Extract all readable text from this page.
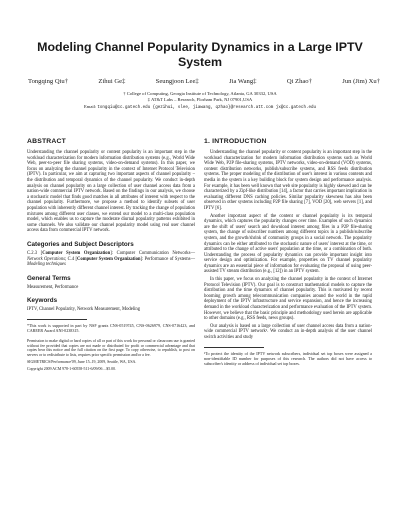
Modeling Channel Popularity Dynamics in a Large IPTV
System
Tongqing Qiu†	Zihui Ge‡	Seungjoon Lee‡	Jia Wang‡	Qi Zhao†	Jun (Jim) Xu†
† College of Computing, Georgia Institute of Technology, Atlanta, GA 30332, USA
‡ AT&T Labs – Research, Florham Park, NJ 07901,USA
Email: tongqiu@cc.gatech.edu {gezihui, slee, jiawang, qzhao}@research.att.com jx@cc.gatech.edu
ABSTRACT

Understanding the channel popularity or content popularity is an important step in the workload characterization for modern information distribution systems (e.g., World Wide Web, peer-to-peer file sharing systems, video-on-demand systems). In this paper, we focus on analyzing the channel popularity in the context of Internet Protocol Television (IPTV). In particular, we aim at capturing two important aspects of channel popularity – the distribution and temporal dynamics of the channel popularity. We conduct in-depth analysis on channel popularity on a large collection of user channel access data from a nation-wide commercial IPTV network. Based on the findings in our analysis, we choose a stochastic model that finds good matches in all attributes of interest with respect to the channel popularity. Furthermore, we propose a method to identify subsets of user population with inherently different channel interest. By tracking the change of population mixtures among different user classes, we extend our model to a multi-class population model, which enables us to capture the moderate diurnal popularity patterns exhibited in some channels. We also validate our channel popularity model using real user channel access data from commercial IPTV network.

Categories and Subject Descriptors

C.2.3 [Computer System Organization]: Computer Communication Networks—Network Operations; C.4 [Computer System Organization]: Performance of Systems—Modeling techniques

General Terms

Measurement, Performance

Keywords

IPTV, Channel Popularity, Network Measurement, Modeling

*This work is supported in part by NSF grants CNS-0519745, CNS-0626979, CNS-0716423, and CAREER Award ANI-0238315.

Permission to make digital or hard copies of all or part of this work for personal or classroom use is granted without fee provided that copies are not made or distributed for profit or commercial advantage and that copies bear this notice and the full citation on the first page. To copy otherwise, to republish, to post on servers or to redistribute to lists, requires prior specific permission and/or a fee.

SIGMETRICS/Performance'09, June 15–19, 2009, Seattle, WA, USA.

Copyright 2009 ACM 978-1-60558-511-6/09/06 ...$5.00.

1. INTRODUCTION

Understanding the channel popularity or content popularity is an important step in the workload characterization for modern information distribution systems such as World Wide Web, P2P file-sharing systems, IPTV networks, video-on-demand (VOD) systems, content distribution networks, publish/subscribe systems, and RSS feeds distribution systems. The proper modeling of the distribution of user's interest in various contents and media in the system is a key building block for system design and performance analysis. For example, it has been well known that web site popularity is highly skewed and can be characterized by a Zipf-like distribution [14], a factor that carries important implication in evaluating different DNS caching policies. Similar popularity skewness has also been observed in other systems including P2P file sharing [7], VOD [20], web servers [1], and IPTV [6].

Another important aspect of the content or channel popularity is its temporal dynamics, which captures the popularity changes over time. Examples of such dynamics are the shift of users' search and download interest among files in a P2P file-sharing system, the change of subscriber numbers among different topics in a publish/subscribe system, and the growth/shrink of community groups in a social network. The popularity dynamics can be either attributed to the stochastic nature of users' interest at the time, or attributed to the change of active users' population at the time, or a combination of both. Understanding the process of popularity dynamics can provide important insight into service design and optimization. For example, properties on TV channel popularity dynamics are an essential piece of information for evaluating the proposal of using peer-assisted TV stream distribution (e.g., [12]) in an IPTV system.

In this paper, we focus on analyzing the channel popularity in the context of Internet Protocol Television (IPTV). Our goal is to construct mathematical models to capture the distribution and the time dynamics of channel popularity. This is motivated by recent booming growth among telecommunication companies around the world in the rapid deployment of the IPTV infrastructure and service expansion, and hence the increasing demand in the workload characterization and performance evaluation of the IPTV system. However, we believe that the basic principle and methodology used herein are applicable to other domains (e.g., RSS feeds, news groups).

Our analysis is based on a large collection of user channel access data from a nation-wide commercial IPTV network¹. We conduct an in-depth analysis of the user channel switch activities and study

¹To protect the identity of the IPTV network subscribers, individual set top boxes were assigned a non-identifiable ID number for purposes of this research. The authors did not have access to subscriber's identity or address of individual set top boxes.
